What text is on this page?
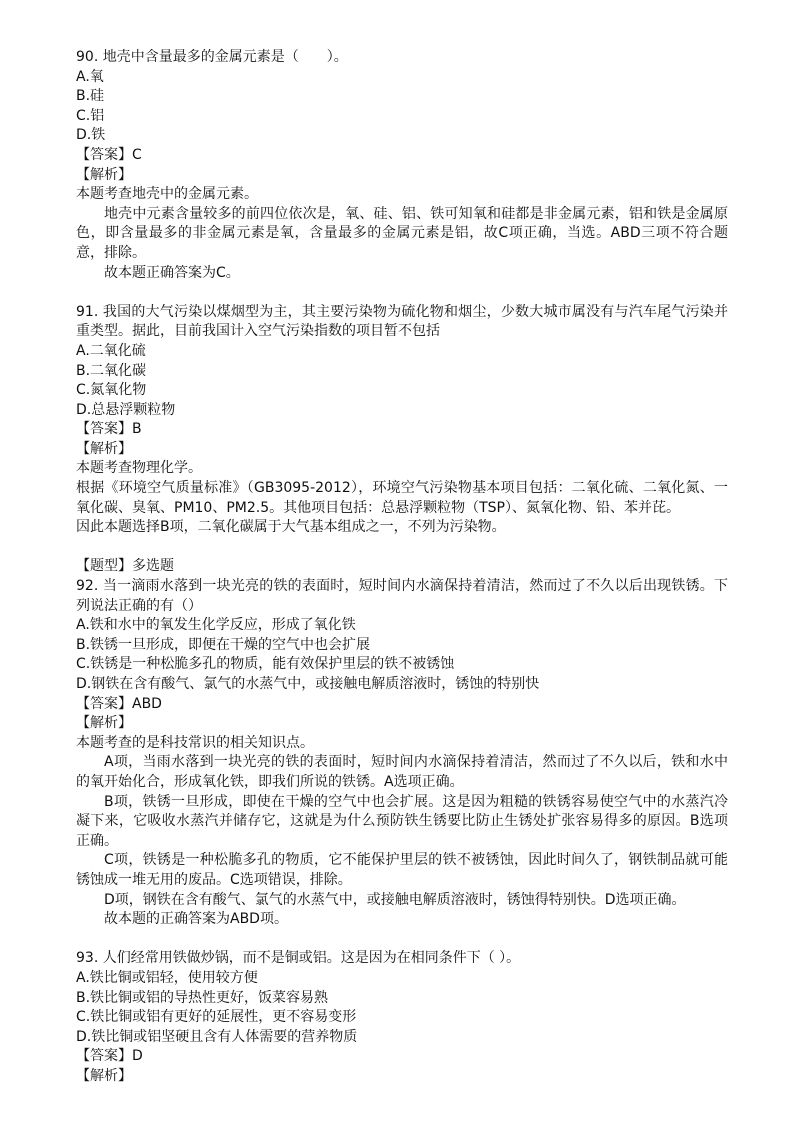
90. 地壳中含量最多的金属元素是（　　）。

A.氧

B.硅

C.铝

D.铁

【答案】C

【解析】

本题考查地壳中的金属元素。

地壳中元素含量较多的前四位依次是，氧、硅、铝、铁可知氧和硅都是非金属元素，铝和铁是金属原色，即含量最多的非金属元素是氧，含量最多的金属元素是铝，故C项正确，当选。ABD三项不符合题意，排除。

故本题正确答案为C。

91. 我国的大气污染以煤烟型为主，其主要污染物为硫化物和烟尘，少数大城市属没有与汽车尾气污染并重类型。据此，目前我国计入空气污染指数的项目暂不包括

A.二氧化硫

B.二氧化碳

C.氮氧化物

D.总悬浮颗粒物

【答案】B

【解析】

本题考查物理化学。

根据《环境空气质量标准》（GB3095-2012），环境空气污染物基本项目包括：二氧化硫、二氧化氮、一氧化碳、臭氧、PM10、PM2.5。其他项目包括：总悬浮颗粒物（TSP）、氮氧化物、铅、苯并芘。

因此本题选择B项，二氧化碳属于大气基本组成之一，不列为污染物。

【题型】多选题

92. 当一滴雨水落到一块光亮的铁的表面时，短时间内水滴保持着清洁，然而过了不久以后出现铁锈。下列说法正确的有（）

A.铁和水中的氧发生化学反应，形成了氧化铁

B.铁锈一旦形成，即便在干燥的空气中也会扩展

C.铁锈是一种松脆多孔的物质，能有效保护里层的铁不被锈蚀

D.钢铁在含有酸气、氯气的水蒸气中，或接触电解质溶液时，锈蚀的特别快

【答案】ABD

【解析】

本题考查的是科技常识的相关知识点。

A项，当雨水落到一块光亮的铁的表面时，短时间内水滴保持着清洁，然而过了不久以后，铁和水中的氧开始化合，形成氧化铁，即我们所说的铁锈。A选项正确。

B项，铁锈一旦形成，即使在干燥的空气中也会扩展。这是因为粗糙的铁锈容易使空气中的水蒸汽冷凝下来，它吸收水蒸汽并储存它，这就是为什么预防铁生锈要比防止生锈处扩张容易得多的原因。B选项正确。

C项，铁锈是一种松脆多孔的物质，它不能保护里层的铁不被锈蚀，因此时间久了，钢铁制品就可能锈蚀成一堆无用的废品。C选项错误，排除。

D项，钢铁在含有酸气、氯气的水蒸气中，或接触电解质溶液时，锈蚀得特别快。D选项正确。

故本题的正确答案为ABD项。

93. 人们经常用铁做炒锅，而不是铜或铝。这是因为在相同条件下（ ）。

A.铁比铜或铝轻，使用较方便

B.铁比铜或铝的导热性更好，饭菜容易熟

C.铁比铜或铝有更好的延展性，更不容易变形

D.铁比铜或铝坚硬且含有人体需要的营养物质

【答案】D

【解析】
